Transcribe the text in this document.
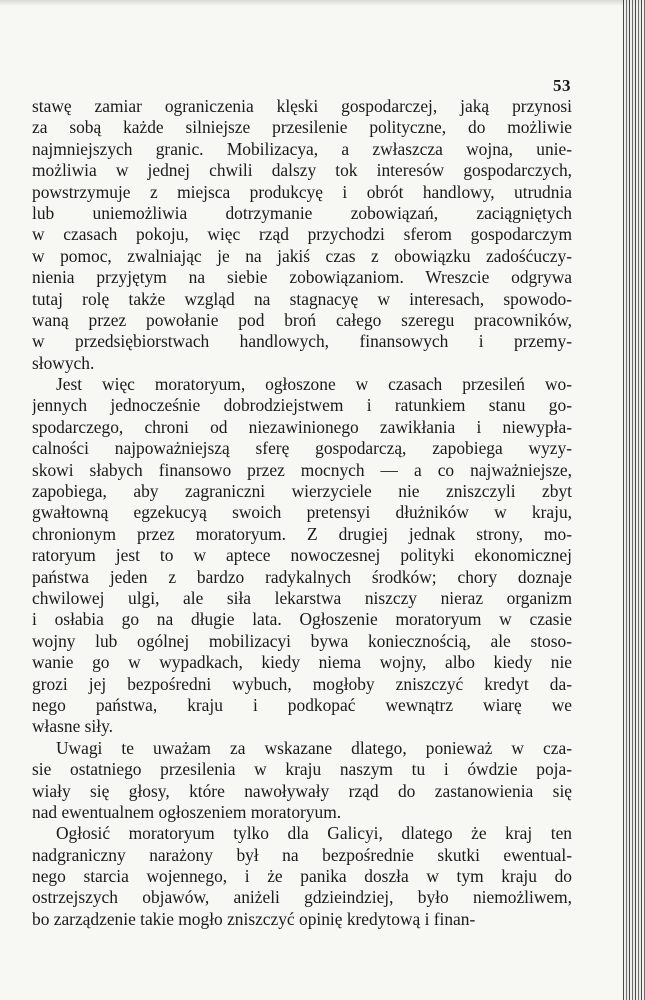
53
stawę zamiar ograniczenia klęski gospodarczej, jaką przynosi
za sobą każde silniejsze przesilenie polityczne, do możliwie
najmniejszych granic. Mobilizacya, a zwłaszcza wojna, unie-
możliwia w jednej chwili dalszy tok interesów gospodarczych,
powstrzymuje z miejsca produkcyę i obrót handlowy, utrudnia
lub uniemożliwia dotrzymanie zobowiązań, zaciągniętych
w czasach pokoju, więc rząd przychodzi sferom gospodarczym
w pomoc, zwalniając je na jakiś czas z obowiązku zadośćuczy-
nienia przyjętym na siebie zobowiązaniom. Wreszcie odgrywa
tutaj rolę także wzgląd na stagnacyę w interesach, spowodo-
waną przez powołanie pod broń całego szeregu pracowników,
w przedsiębiorstwach handlowych, finansowych i przemy-
słowych.
Jest więc moratoryum, ogłoszone w czasach przesileń wo-
jennych jednocześnie dobrodziejstwem i ratunkiem stanu go-
spodarczego, chroni od niezawinionego zawikłania i niewypła-
calności najpoważniejszą sferę gospodarczą, zapobiega wyzy-
skowi słabych finansowo przez mocnych — a co najważniejsze,
zapobiega, aby zagraniczni wierzyciele nie zniszczyli zbyt
gwałtowną egzekucyą swoich pretensyi dłużników w kraju,
chronionym przez moratoryum. Z drugiej jednak strony, mo-
ratoryum jest to w aptece nowoczesnej polityki ekonomicznej
państwa jeden z bardzo radykalnych środków; chory doznaje
chwilowej ulgi, ale siła lekarstwa niszczy nieraz organizm
i osłabia go na długie lata. Ogłoszenie moratoryum w czasie
wojny lub ogólnej mobilizacyi bywa koniecznością, ale stoso-
wanie go w wypadkach, kiedy niema wojny, albo kiedy nie
grozi jej bezpośredni wybuch, mogłoby zniszczyć kredyt da-
nego państwa, kraju i podkopać wewnątrz wiarę we
własne siły.
Uwagi te uważam za wskazane dlatego, ponieważ w cza-
sie ostatniego przesilenia w kraju naszym tu i ówdzie poja-
wiały się głosy, które nawoływały rząd do zastanowienia się
nad ewentualnem ogłoszeniem moratoryum.
Ogłosić moratoryum tylko dla Galicyi, dlatego że kraj ten
nadgraniczny narażony był na bezpośrednie skutki ewentual-
nego starcia wojennego, i że panika doszła w tym kraju do
ostrzejszych objawów, aniżeli gdzieindziej, było niemożliwem,
bo zarządzenie takie mogło zniszczyć opinię kredytową i finan-
